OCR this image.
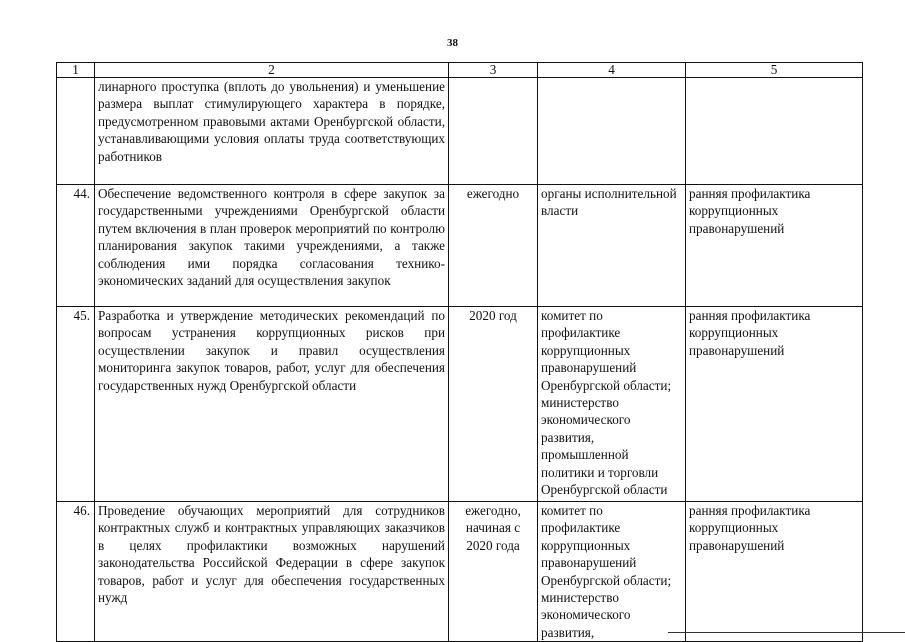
38
1	2	3	4	5
	линарного проступка (вплоть до увольнения) и уменьшение размера выплат стимулирующего характера в порядке, предусмотренном правовыми актами Оренбургской области, устанавливающими условия оплаты труда соответствующих работников			
44.	Обеспечение ведомственного контроля в сфере закупок за государственными учреждениями Оренбургской области путем включения в план проверок мероприятий по контролю планирования закупок такими учреждениями, а также соблюдения ими порядка согласования технико-экономических заданий для осуществления закупок	ежегодно	органы исполнительной власти	ранняя профилактика коррупционных правонарушений
45.	Разработка и утверждение методических рекомендаций по вопросам устранения коррупционных рисков при осуществлении закупок и правил осуществления мониторинга закупок товаров, работ, услуг для обеспечения государственных нужд Оренбургской области	2020 год	комитет по профилактике коррупционных правонарушений Оренбургской области; министерство экономического развития, промышленной политики и торговли Оренбургской области	ранняя профилактика коррупционных правонарушений
46.	Проведение обучающих мероприятий для сотрудников контрактных служб и контрактных управляющих заказчиков в целях профилактики возможных нарушений законодательства Российской Федерации в сфере закупок товаров, работ и услуг для обеспечения государственных нужд	ежегодно, начиная с 2020 года	комитет по профилактике коррупционных правонарушений Оренбургской области; министерство экономического развития,	ранняя профилактика коррупционных правонарушений
